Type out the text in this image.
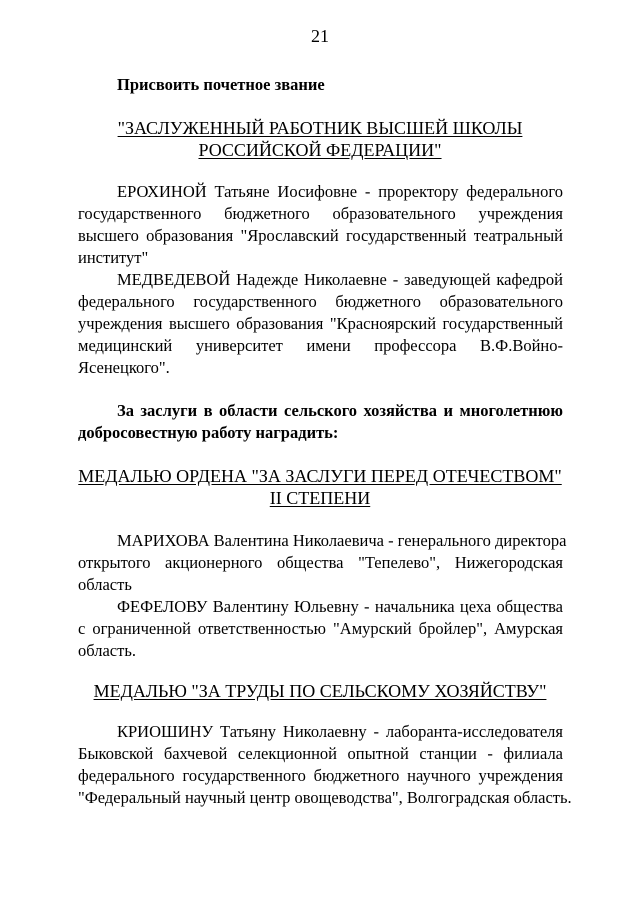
21
Присвоить почетное звание
"ЗАСЛУЖЕННЫЙ РАБОТНИК ВЫСШЕЙ ШКОЛЫ
РОССИЙСКОЙ ФЕДЕРАЦИИ"
ЕРОХИНОЙ Татьяне Иосифовне - проректору федерального
государственного бюджетного образовательного учреждения
высшего образования "Ярославский государственный театральный
институт"
МЕДВЕДЕВОЙ Надежде Николаевне - заведующей кафедрой
федерального государственного бюджетного образовательного
учреждения высшего образования "Красноярский государственный
медицинский университет имени профессора В.Ф.Войно-
Ясенецкого".
За заслуги в области сельского хозяйства и многолетнюю
добросовестную работу наградить:
МЕДАЛЬЮ ОРДЕНА "ЗА ЗАСЛУГИ ПЕРЕД ОТЕЧЕСТВОМ"
II СТЕПЕНИ
МАРИХОВА Валентина Николаевича - генерального директора
открытого акционерного общества "Тепелево", Нижегородская
область
ФЕФЕЛОВУ Валентину Юльевну - начальника цеха общества
с ограниченной ответственностью "Амурский бройлер", Амурская
область.
МЕДАЛЬЮ "ЗА ТРУДЫ ПО СЕЛЬСКОМУ ХОЗЯЙСТВУ"
КРИОШИНУ Татьяну Николаевну - лаборанта-исследователя
Быковской бахчевой селекционной опытной станции - филиала
федерального государственного бюджетного научного учреждения
"Федеральный научный центр овощеводства", Волгоградская область.
